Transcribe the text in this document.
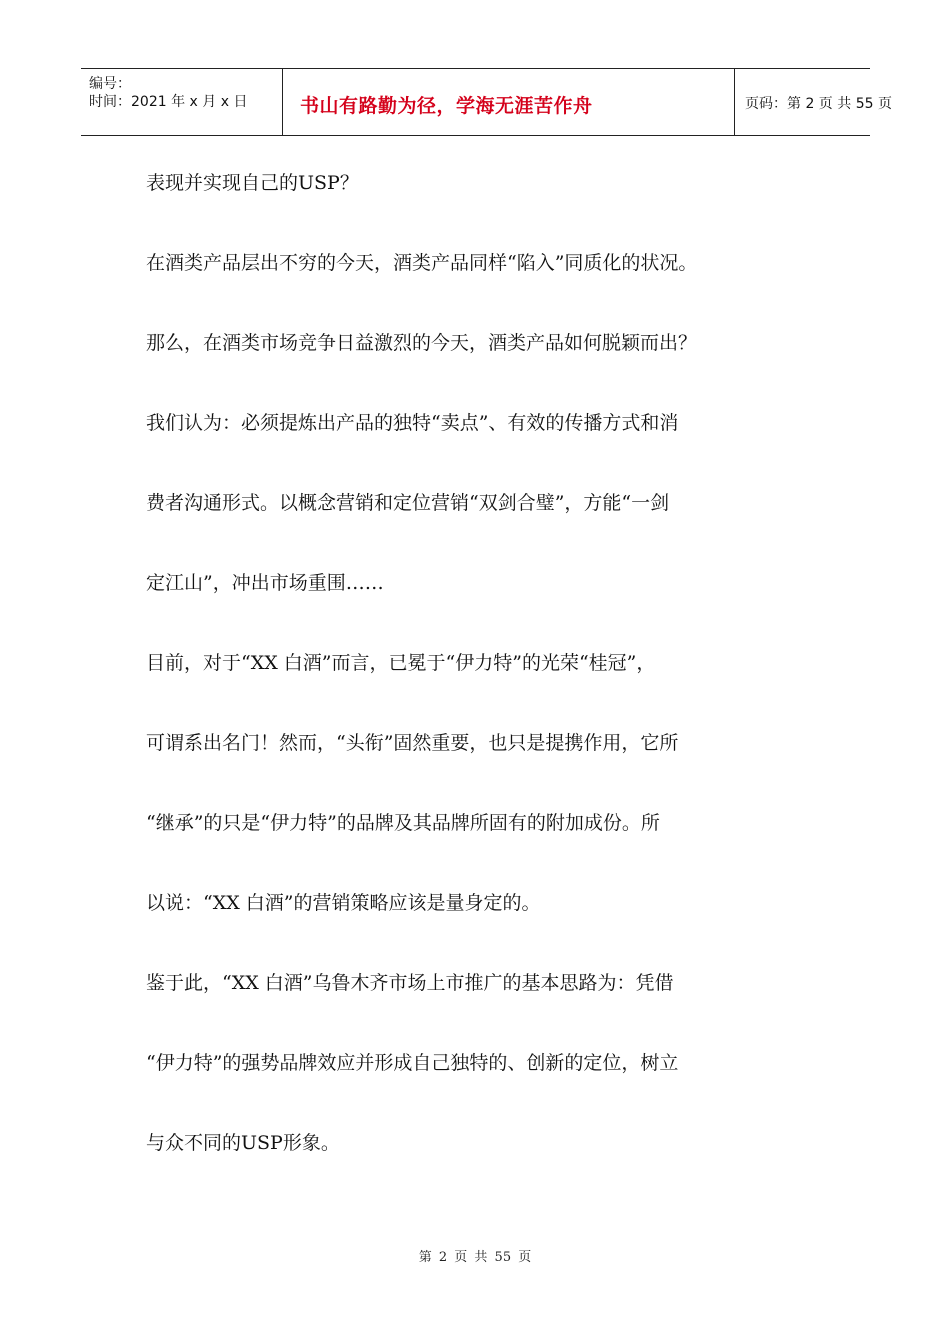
编号：
时间：2021 年 x 月 x 日	书山有路勤为径，学海无涯苦作舟	页码：第 2 页 共 55 页

表现并实现自己的USP？

在酒类产品层出不穷的今天，酒类产品同样“陷入”同质化的状况。

那么，在酒类市场竞争日益激烈的今天，酒类产品如何脱颖而出？

我们认为：必须提炼出产品的独特“卖点”、有效的传播方式和消

费者沟通形式。以概念营销和定位营销“双剑合璧”，方能“一剑

定江山”，冲出市场重围……

目前，对于“XX 白酒”而言，已冕于“伊力特”的光荣“桂冠”，

可谓系出名门！然而，“头衔”固然重要，也只是提携作用，它所

“继承”的只是“伊力特”的品牌及其品牌所固有的附加成份。所

以说：“XX 白酒”的营销策略应该是量身定的。

鉴于此，“XX 白酒”乌鲁木齐市场上市推广的基本思路为：凭借

“伊力特”的强势品牌效应并形成自己独特的、创新的定位，树立

与众不同的USP形象。

第 2 页 共 55 页
